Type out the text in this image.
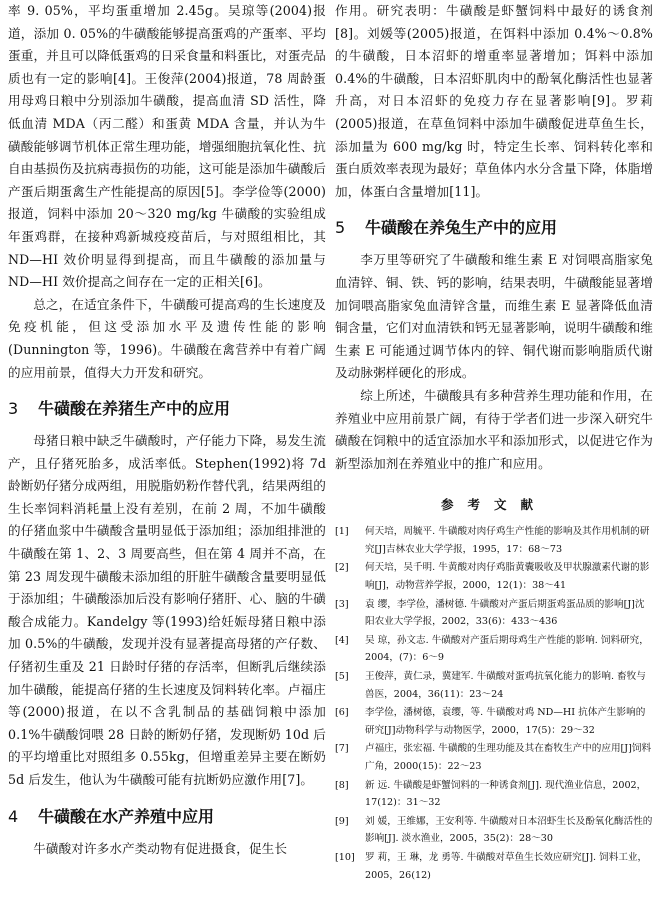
率 9. 05%，平均蛋重增加 2.45g。吴琼等(2004)报道，添加 0. 05%的牛磺酸能够提高蛋鸡的产蛋率、平均蛋重，并且可以降低蛋鸡的日采食量和料蛋比，对蛋壳品质也有一定的影响[4]。王俊萍(2004)报道，78 周龄蛋用母鸡日粮中分别添加牛磺酸，提高血清 SD 活性，降低血清 MDA（丙二醛）和蛋黄 MDA 含量，并认为牛磺酸能够调节机体正常生理功能，增强细胞抗氧化性、抗自由基损伤及抗病毒损伤的功能，这可能是添加牛磺酸后产蛋后期蛋禽生产性能提高的原因[5]。李学俭等(2000)报道，饲料中添加 20～320 mg/kg 牛磺酸的实验组成年蛋鸡群，在接种鸡新城疫疫苗后，与对照组相比，其 ND—HI 效价明显得到提高，而且牛磺酸的添加量与 ND—HI 效价提高之间存在一定的正相关[6]。

总之，在适宜条件下，牛磺酸可提高鸡的生长速度及免疫机能，但这受添加水平及遗传性能的影响(Dunnington 等，1996)。牛磺酸在禽营养中有着广阔的应用前景，值得大力开发和研究。

3 牛磺酸在养猪生产中的应用

母猪日粮中缺乏牛磺酸时，产仔能力下降，易发生流产，且仔猪死胎多，成活率低。Stephen(1992)将 7d 龄断奶仔猪分成两组，用脱脂奶粉作替代乳，结果两组的生长率饲料消耗量上没有差别，在前 2 周，不加牛磺酸的仔猪血浆中牛磺酸含量明显低于添加组；添加组排泄的牛磺酸在第 1、2、3 周要高些，但在第 4 周并不高，在第 23 周发现牛磺酸未添加组的肝脏牛磺酸含量要明显低于添加组；牛磺酸添加后没有影响仔猪肝、心、脑的牛磺酸合成能力。Kandelgy 等(1993)给妊娠母猪日粮中添加 0.5%的牛磺酸，发现并没有显著提高母猪的产仔数、仔猪初生重及 21 日龄时仔猪的存活率，但断乳后继续添加牛磺酸，能提高仔猪的生长速度及饲料转化率。卢福庄等(2000)报道，在以不含乳制品的基础饲粮中添加 0.1%牛磺酸饲喂 28 日龄的断奶仔猪，发现断奶 10d 后的平均增重比对照组多 0.55kg，但增重差异主要在断奶 5d 后发生，他认为牛磺酸可能有抗断奶应激作用[7]。

4 牛磺酸在水产养殖中应用

牛磺酸对许多水产类动物有促进摄食，促生长

作用。研究表明：牛磺酸是虾蟹饲料中最好的诱食剂[8]。刘媛等(2005)报道，在饵料中添加 0.4%～0.8%的牛磺酸，日本沼虾的增重率显著增加；饵料中添加 0.4%的牛磺酸，日本沼虾肌肉中的酚氧化酶活性也显著升高，对日本沼虾的免疫力存在显著影响[9]。罗莉(2005)报道，在草鱼饲料中添加牛磺酸促进草鱼生长，添加量为 600 mg/kg 时，特定生长率、饲料转化率和蛋白质效率表现为最好；草鱼体内水分含量下降，体脂增加，体蛋白含量增加[11]。

5 牛磺酸在养兔生产中的应用

李万里等研究了牛磺酸和维生素 E 对饲喂高脂家兔血清锌、铜、铁、钙的影响，结果表明，牛磺酸能显著增加饲喂高脂家兔血清锌含量，而维生素 E 显著降低血清铜含量，它们对血清铁和钙无显著影响，说明牛磺酸和维生素 E 可能通过调节体内的锌、铜代谢而影响脂质代谢及动脉粥样硬化的形成。

综上所述，牛磺酸具有多种营养生理功能和作用，在养殖业中应用前景广阔，有待于学者们进一步深入研究牛磺酸在饲粮中的适宜添加水平和添加形式，以促进它作为新型添加剂在养殖业中的推广和应用。

参考文献
[1]	何天培，周毓平. 牛磺酸对肉仔鸡生产性能的影响及其作用机制的研究[J]吉林农业大学学报，1995，17：68～73
[2]	何天培，吴千明. 牛黄酸对肉仔鸡脂黄囊吸收及甲状腺激素代谢的影响[J]，动物营养学报，2000，12(1)：38～41
[3]	袁 缨，李学俭，潘树德. 牛磺酸对产蛋后期蛋鸡蛋品质的影响[J]沈阳农业大学学报，2002，33(6)：433～436
[4]	吴 琼，孙文志. 牛磺酸对产蛋后期母鸡生产性能的影响. 饲料研究，2004，(7)：6～9
[5]	王俊萍，黄仁录，冀建军. 牛磺酸对蛋鸡抗氧化能力的影响. 畜牧与兽医，2004，36(11)：23～24
[6]	李学俭，潘树德，袁缨，等. 牛磺酸对鸡 ND—HI 抗体产生影响的研究[J]动物科学与动物医学，2000，17(5)：29～32
[7]	卢福庄，张宏福. 牛磺酸的生理功能及其在畜牧生产中的应用[J]饲料广角，2000(15)：22～23
[8]	新 远. 牛磺酸是虾蟹饲料的一种诱食剂[J]. 现代渔业信息，2002，17(12)：31～32
[9]	刘 媛，王维娜，王安利等. 牛磺酸对日本沼虾生长及酚氧化酶活性的影响[J]. 淡水渔业，2005，35(2)：28～30
[10]	罗 莉，王 琳，龙 勇等. 牛磺酸对草鱼生长效应研究[J]. 饲料工业，2005，26(12)
